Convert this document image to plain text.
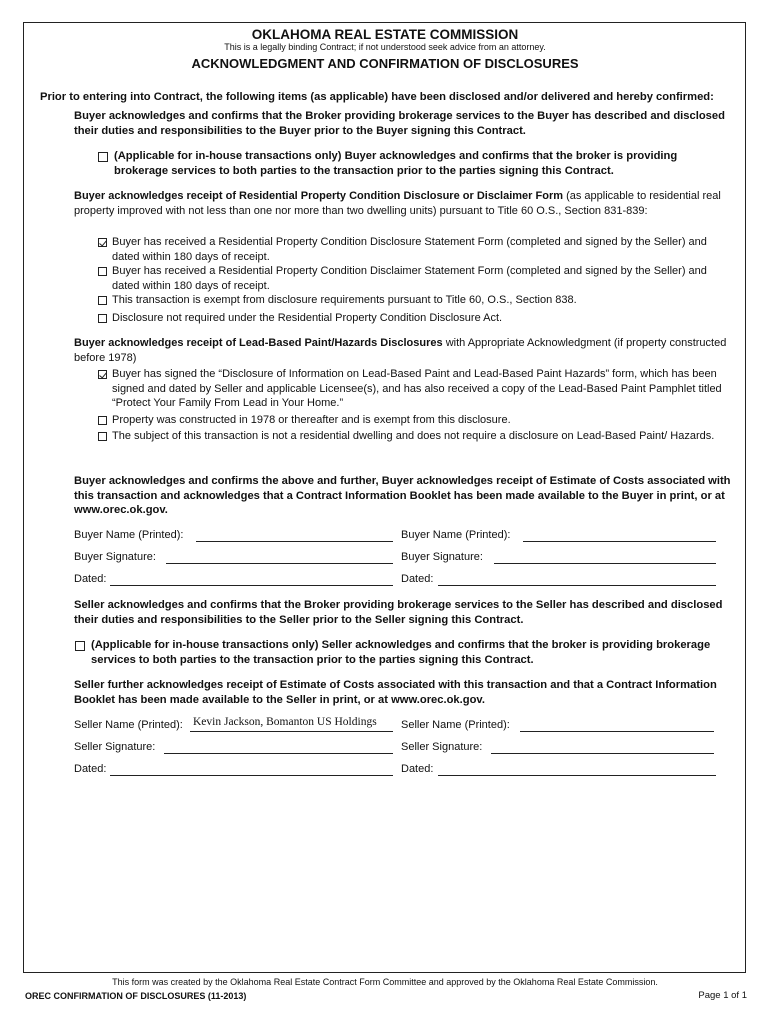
OKLAHOMA REAL ESTATE COMMISSION
This is a legally binding Contract; if not understood seek advice from an attorney.
ACKNOWLEDGMENT AND CONFIRMATION OF DISCLOSURES
Prior to entering into Contract, the following items (as applicable) have been disclosed and/or delivered and hereby confirmed:
Buyer acknowledges and confirms that the Broker providing brokerage services to the Buyer has described and disclosed their duties and responsibilities to the Buyer prior to the Buyer signing this Contract.
(Applicable for in-house transactions only) Buyer acknowledges and confirms that the broker is providing brokerage services to both parties to the transaction prior to the parties signing this Contract.
Buyer acknowledges receipt of Residential Property Condition Disclosure or Disclaimer Form (as applicable to residential real property improved with not less than one nor more than two dwelling units) pursuant to Title 60 O.S., Section 831-839:
Buyer has received a Residential Property Condition Disclosure Statement Form (completed and signed by the Seller) and dated within 180 days of receipt.
Buyer has received a Residential Property Condition Disclaimer Statement Form (completed and signed by the Seller) and dated within 180 days of receipt.
This transaction is exempt from disclosure requirements pursuant to Title 60, O.S., Section 838.
Disclosure not required under the Residential Property Condition Disclosure Act.
Buyer acknowledges receipt of Lead-Based Paint/Hazards Disclosures with Appropriate Acknowledgment (if property constructed before 1978)
Buyer has signed the “Disclosure of Information on Lead-Based Paint and Lead-Based Paint Hazards” form, which has been signed and dated by Seller and applicable Licensee(s), and has also received a copy of the Lead-Based Paint Pamphlet titled “Protect Your Family From Lead in Your Home.”
Property was constructed in 1978 or thereafter and is exempt from this disclosure.
The subject of this transaction is not a residential dwelling and does not require a disclosure on Lead-Based Paint/ Hazards.
Buyer acknowledges and confirms the above and further, Buyer acknowledges receipt of Estimate of Costs associated with this transaction and acknowledges that a Contract Information Booklet has been made available to the Buyer in print, or at www.orec.ok.gov.
Buyer Name (Printed):	Buyer Name (Printed):
Buyer Signature:	Buyer Signature:
Dated:	Dated:
Seller acknowledges and confirms that the Broker providing brokerage services to the Seller has described and disclosed their duties and responsibilities to the Seller prior to the Seller signing this Contract.
(Applicable for in-house transactions only) Seller acknowledges and confirms that the broker is providing brokerage services to both parties to the transaction prior to the parties signing this Contract.
Seller further acknowledges receipt of Estimate of Costs associated with this transaction and that a Contract Information Booklet has been made available to the Seller in print, or at www.orec.ok.gov.
Seller Name (Printed): Kevin Jackson, Bomanton US Holdings Seller Name (Printed):
Seller Signature:	Seller Signature:
Dated:	Dated:
This form was created by the Oklahoma Real Estate Contract Form Committee and approved by the Oklahoma Real Estate Commission.
OREC CONFIRMATION OF DISCLOSURES (11-2013)	Page 1 of 1
